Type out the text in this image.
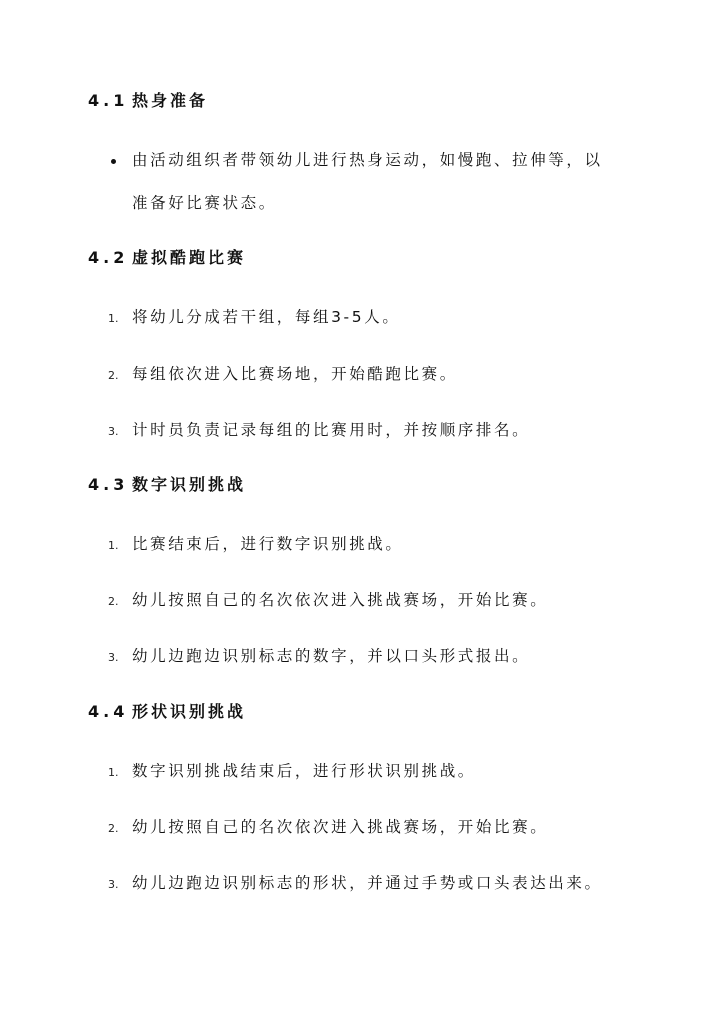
4.1 热身准备
由活动组织者带领幼儿进行热身运动，如慢跑、拉伸等，以
准备好比赛状态。
4.2 虚拟酷跑比赛
1. 将幼儿分成若干组，每组3-5人。
2. 每组依次进入比赛场地，开始酷跑比赛。
3. 计时员负责记录每组的比赛用时，并按顺序排名。
4.3 数字识别挑战
1. 比赛结束后，进行数字识别挑战。
2. 幼儿按照自己的名次依次进入挑战赛场，开始比赛。
3. 幼儿边跑边识别标志的数字，并以口头形式报出。
4.4 形状识别挑战
1. 数字识别挑战结束后，进行形状识别挑战。
2. 幼儿按照自己的名次依次进入挑战赛场，开始比赛。
3. 幼儿边跑边识别标志的形状，并通过手势或口头表达出来。
